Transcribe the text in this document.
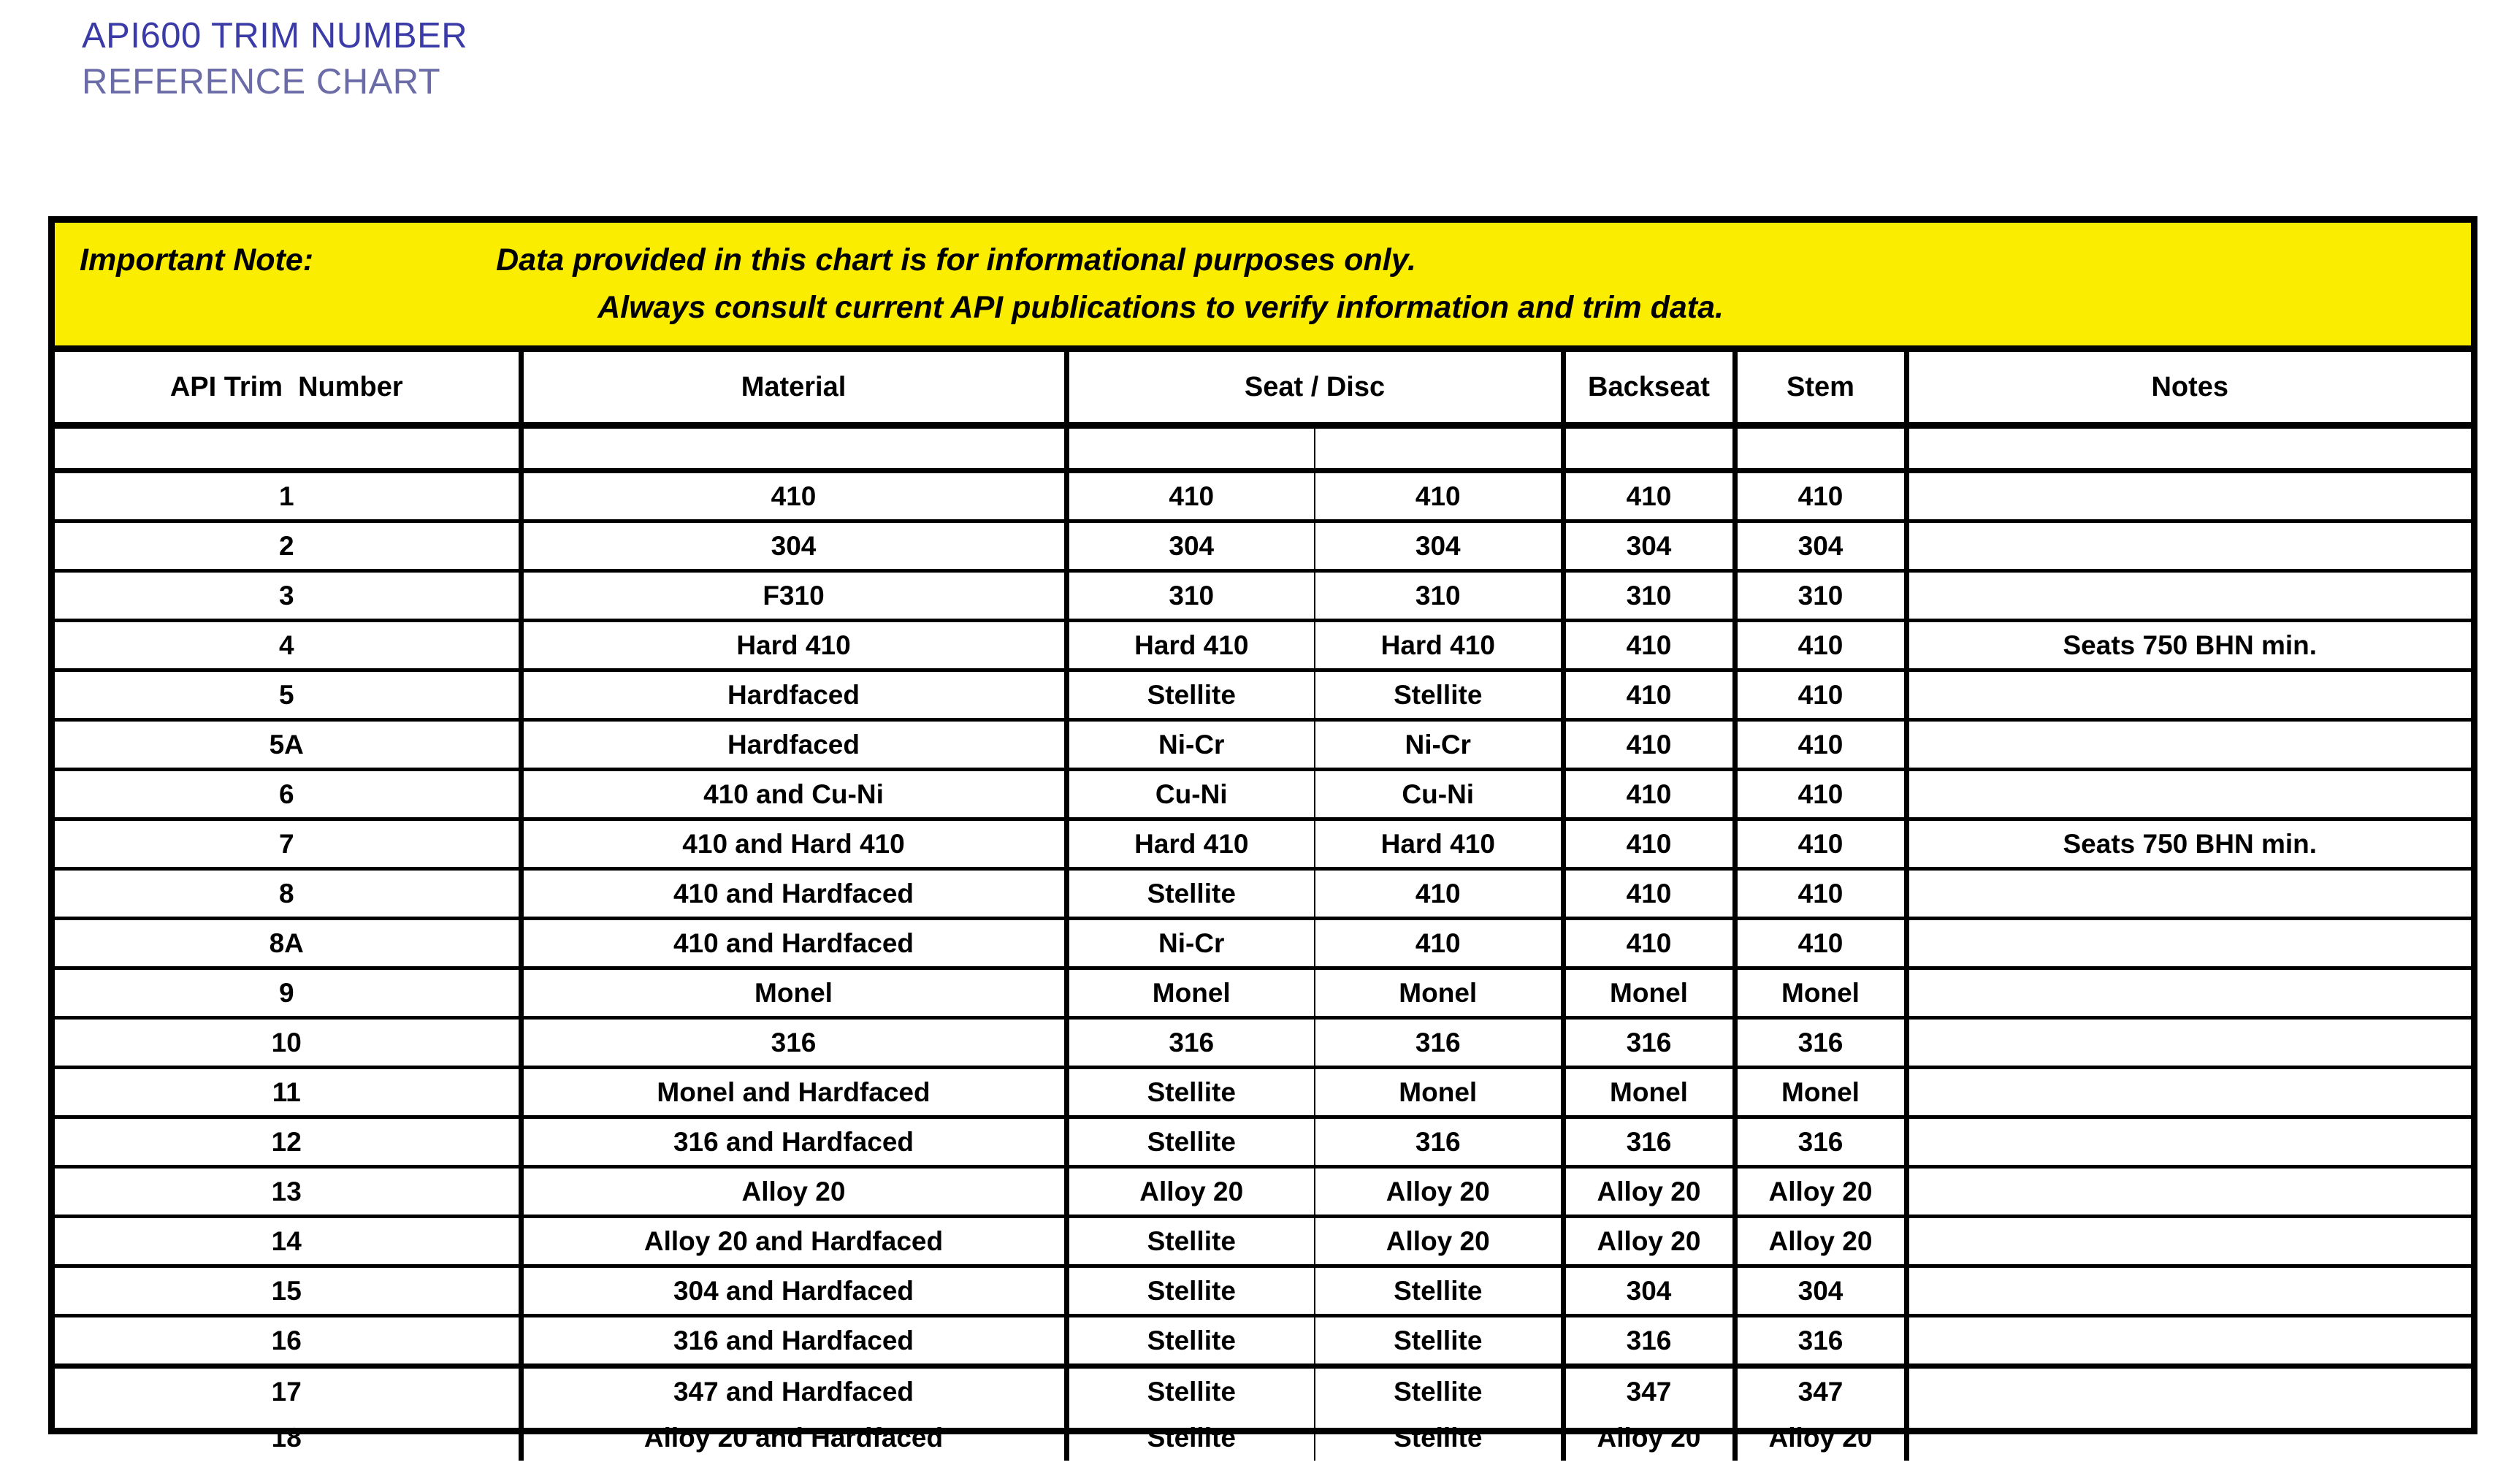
API600 TRIM NUMBER
REFERENCE CHART
Important Note: Data provided in this chart is for informational purposes only.
Always consult current API publications to verify information and trim data.						

API Trim  Number	Material	Seat / Disc		Backseat	Stem	Notes

1	410	410	410	410	410	
2	304	304	304	304	304	
3	F310	310	310	310	310	
4	Hard 410	Hard 410	Hard 410	410	410	Seats 750 BHN min.
5	Hardfaced	Stellite	Stellite	410	410	
5A	Hardfaced	Ni-Cr	Ni-Cr	410	410	
6	410 and Cu-Ni	Cu-Ni	Cu-Ni	410	410	
7	410 and Hard 410	Hard 410	Hard 410	410	410	Seats 750 BHN min.
8	410 and Hardfaced	Stellite	410	410	410	
8A	410 and Hardfaced	Ni-Cr	410	410	410	
9	Monel	Monel	Monel	Monel	Monel	
10	316	316	316	316	316	
11	Monel and Hardfaced	Stellite	Monel	Monel	Monel	
12	316 and Hardfaced	Stellite	316	316	316	
13	Alloy 20	Alloy 20	Alloy 20	Alloy 20	Alloy 20	
14	Alloy 20 and Hardfaced	Stellite	Alloy 20	Alloy 20	Alloy 20	
15	304 and Hardfaced	Stellite	Stellite	304	304	
16	316 and Hardfaced	Stellite	Stellite	316	316	
17	347 and Hardfaced	Stellite	Stellite	347	347	
18	Alloy 20 and Hardfaced	Stellite	Stellite	Alloy 20	Alloy 20	
